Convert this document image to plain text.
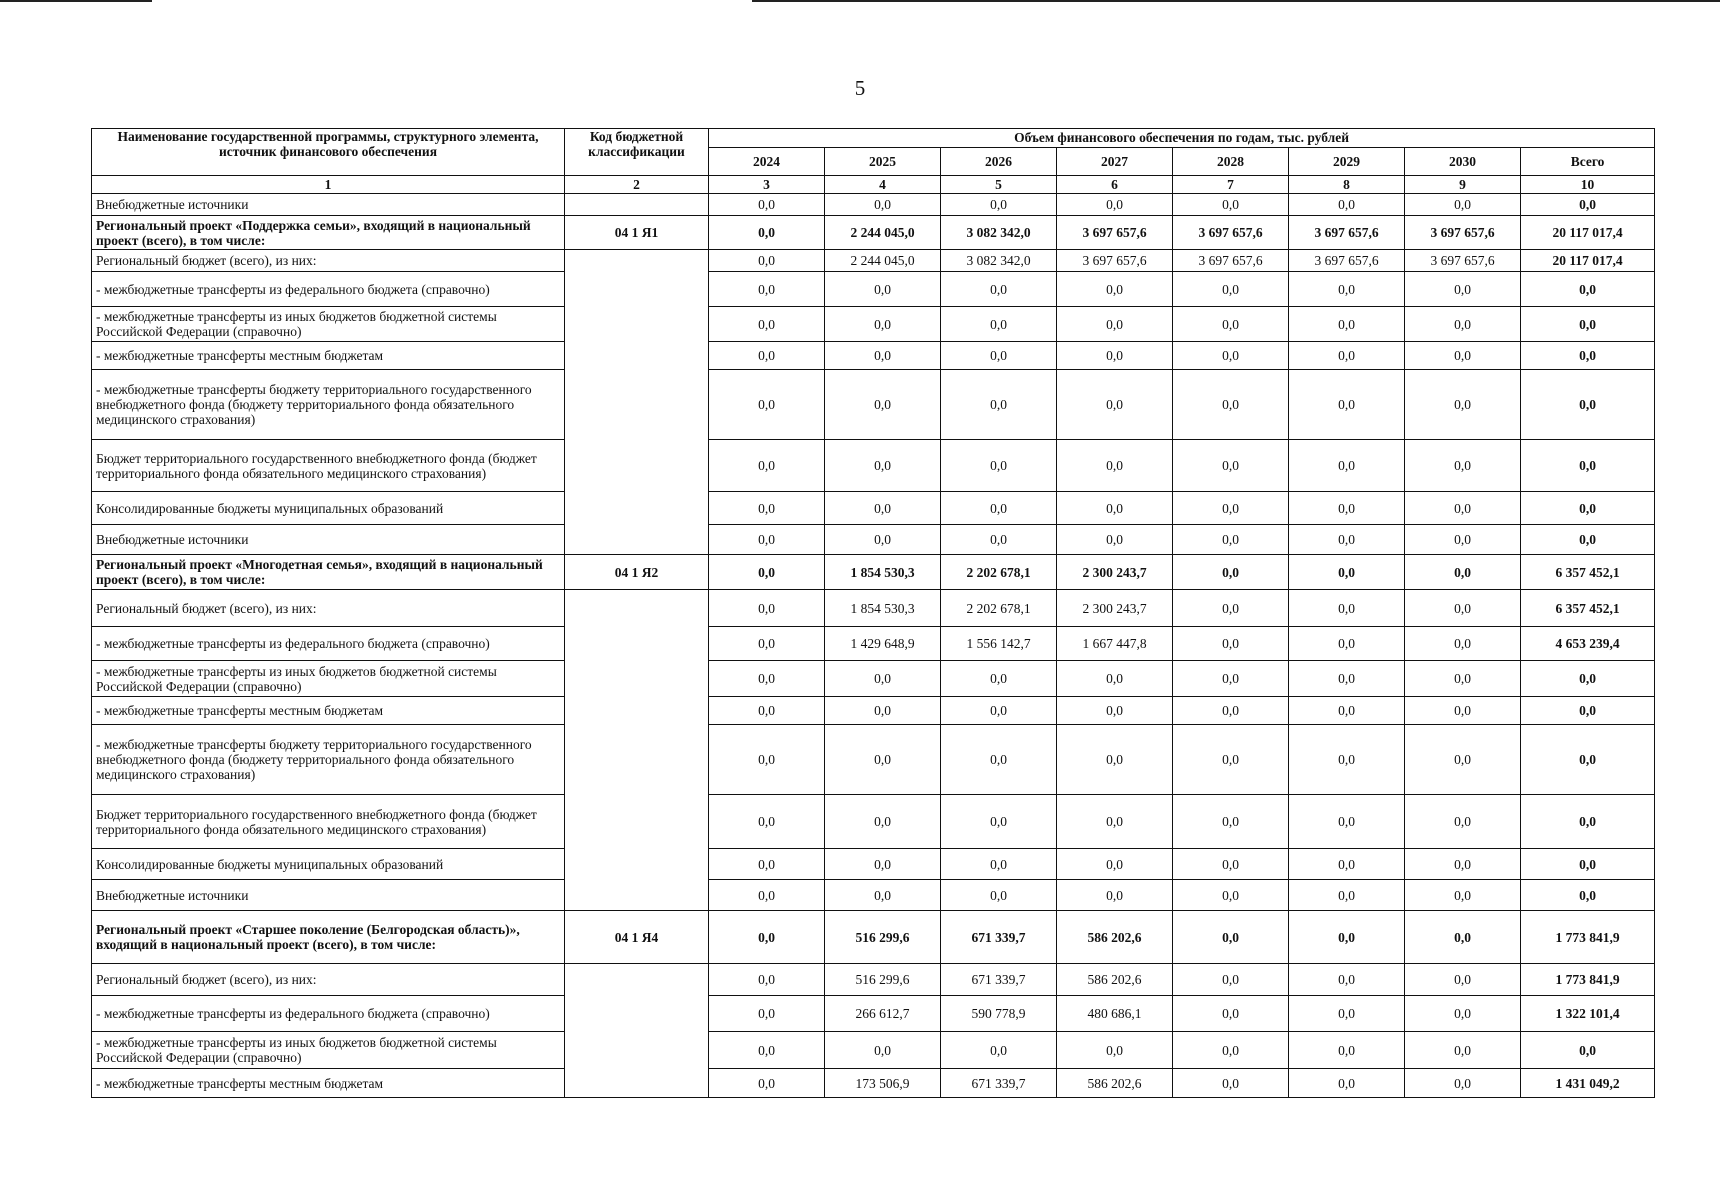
5
Наименование государственной программы, структурного элемента, источник финансового обеспечения	Код бюджетной классификации	Объем финансового обеспечения по годам, тыс. рублей							
		2024	2025	2026	2027	2028	2029	2030	Всего
1	2	3	4	5	6	7	8	9	10
Внебюджетные источники		0,0	0,0	0,0	0,0	0,0	0,0	0,0	0,0
Региональный проект «Поддержка семьи», входящий в национальный проект (всего), в том числе:	04 1 Я1	0,0	2 244 045,0	3 082 342,0	3 697 657,6	3 697 657,6	3 697 657,6	3 697 657,6	20 117 017,4
Региональный бюджет (всего), из них:		0,0	2 244 045,0	3 082 342,0	3 697 657,6	3 697 657,6	3 697 657,6	3 697 657,6	20 117 017,4
- межбюджетные трансферты из федерального бюджета (справочно)		0,0	0,0	0,0	0,0	0,0	0,0	0,0	0,0
- межбюджетные трансферты из иных бюджетов бюджетной системы Российской Федерации (справочно)		0,0	0,0	0,0	0,0	0,0	0,0	0,0	0,0
- межбюджетные трансферты местным бюджетам		0,0	0,0	0,0	0,0	0,0	0,0	0,0	0,0
- межбюджетные трансферты бюджету территориального государственного внебюджетного фонда (бюджету территориального фонда обязательного медицинского страхования)		0,0	0,0	0,0	0,0	0,0	0,0	0,0	0,0
Бюджет территориального государственного внебюджетного фонда (бюджет территориального фонда обязательного медицинского страхования)		0,0	0,0	0,0	0,0	0,0	0,0	0,0	0,0
Консолидированные бюджеты муниципальных образований		0,0	0,0	0,0	0,0	0,0	0,0	0,0	0,0
Внебюджетные источники		0,0	0,0	0,0	0,0	0,0	0,0	0,0	0,0
Региональный проект «Многодетная семья», входящий в национальный проект (всего), в том числе:	04 1 Я2	0,0	1 854 530,3	2 202 678,1	2 300 243,7	0,0	0,0	0,0	6 357 452,1
Региональный бюджет (всего), из них:		0,0	1 854 530,3	2 202 678,1	2 300 243,7	0,0	0,0	0,0	6 357 452,1
- межбюджетные трансферты из федерального бюджета (справочно)		0,0	1 429 648,9	1 556 142,7	1 667 447,8	0,0	0,0	0,0	4 653 239,4
- межбюджетные трансферты из иных бюджетов бюджетной системы Российской Федерации (справочно)		0,0	0,0	0,0	0,0	0,0	0,0	0,0	0,0
- межбюджетные трансферты местным бюджетам		0,0	0,0	0,0	0,0	0,0	0,0	0,0	0,0
- межбюджетные трансферты бюджету территориального государственного внебюджетного фонда (бюджету территориального фонда обязательного медицинского страхования)		0,0	0,0	0,0	0,0	0,0	0,0	0,0	0,0
Бюджет территориального государственного внебюджетного фонда (бюджет территориального фонда обязательного медицинского страхования)		0,0	0,0	0,0	0,0	0,0	0,0	0,0	0,0
Консолидированные бюджеты муниципальных образований		0,0	0,0	0,0	0,0	0,0	0,0	0,0	0,0
Внебюджетные источники		0,0	0,0	0,0	0,0	0,0	0,0	0,0	0,0
Региональный проект «Старшее поколение (Белгородская область)», входящий в национальный проект (всего), в том числе:	04 1 Я4	0,0	516 299,6	671 339,7	586 202,6	0,0	0,0	0,0	1 773 841,9
Региональный бюджет (всего), из них:		0,0	516 299,6	671 339,7	586 202,6	0,0	0,0	0,0	1 773 841,9
- межбюджетные трансферты из федерального бюджета (справочно)		0,0	266 612,7	590 778,9	480 686,1	0,0	0,0	0,0	1 322 101,4
- межбюджетные трансферты из иных бюджетов бюджетной системы Российской Федерации (справочно)		0,0	0,0	0,0	0,0	0,0	0,0	0,0	0,0
- межбюджетные трансферты местным бюджетам		0,0	173 506,9	671 339,7	586 202,6	0,0	0,0	0,0	1 431 049,2
